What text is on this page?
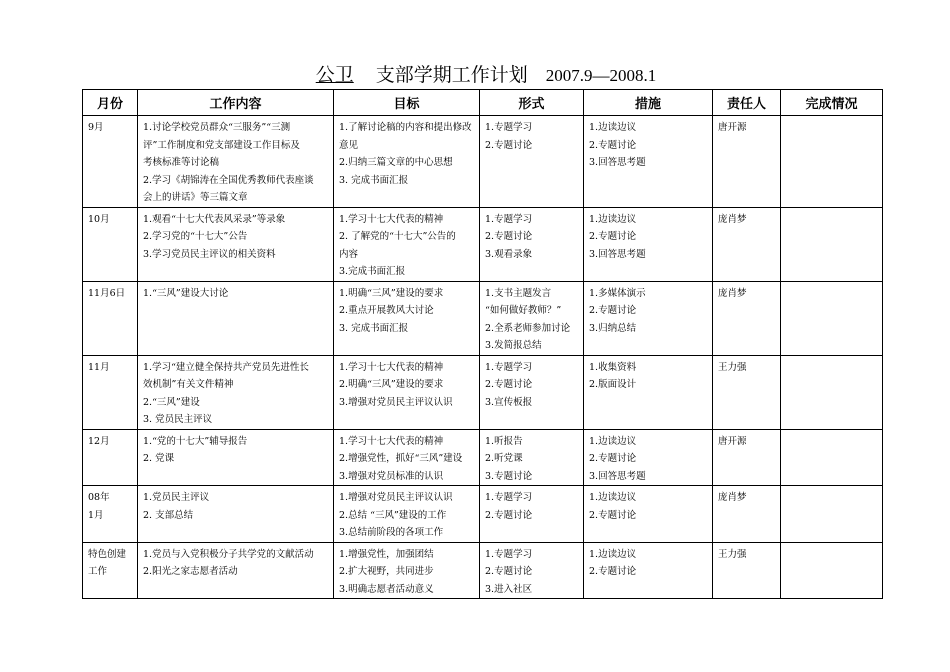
公卫 支部学期工作计划 2007.9—2008.1
月份	工作内容	目标	形式	措施	责任人	完成情况

9月	1.讨论学校党员群众“三服务”“三测
评”工作制度和党支部建设工作目标及
考核标准等讨论稿
2.学习《胡锦涛在全国优秀教师代表座谈
会上的讲话》等三篇文章	1.了解讨论稿的内容和提出修改
意见
2.归纳三篇文章的中心思想
3. 完成书面汇报	1.专题学习
2.专题讨论	1.边读边议
2.专题讨论
3.回答思考题	唐开源	

10月	1.观看“十七大代表风采录”等录象
2.学习党的“十七大”公告
3.学习党员民主评议的相关资料	1.学习十七大代表的精神
2. 了解党的“十七大”公告的
内容
3.完成书面汇报	1.专题学习
2.专题讨论
3.观看录象	1.边读边议
2.专题讨论
3.回答思考题	庞肖梦	

11月6日	1.“三风”建设大讨论	1.明确“三风”建设的要求
2.重点开展教风大讨论
3. 完成书面汇报	1.支书主题发言
“如何做好教师？”
2.全系老师参加讨论
3.发简报总结	1.多媒体演示
2.专题讨论
3.归纳总结	庞肖梦	

11月	1.学习“建立健全保持共产党员先进性长
效机制”有关文件精神
2.“三风”建设
3. 党员民主评议	1.学习十七大代表的精神
2.明确“三风”建设的要求
3.增强对党员民主评议认识	1.专题学习
2.专题讨论
3.宣传板报	1.收集资料
2.版面设计	王力强	

12月	1.“党的十七大”辅导报告
2. 党课	1.学习十七大代表的精神
2.增强党性，抓好“三风”建设
3.增强对党员标准的认识	1.听报告
2.听党课
3.专题讨论	1.边读边议
2.专题讨论
3.回答思考题	唐开源	

08年
1月	1.党员民主评议
2. 支部总结	1.增强对党员民主评议认识
2.总结 “三风”建设的工作
3.总结前阶段的各项工作	1.专题学习
2.专题讨论	1.边读边议
2.专题讨论	庞肖梦	

特色创建
工作	1.党员与入党积极分子共学党的文献活动
2.阳光之家志愿者活动	1.增强党性，加强团结
2.扩大视野，共同进步
3.明确志愿者活动意义	1.专题学习
2.专题讨论
3.进入社区	1.边读边议
2.专题讨论	王力强	
